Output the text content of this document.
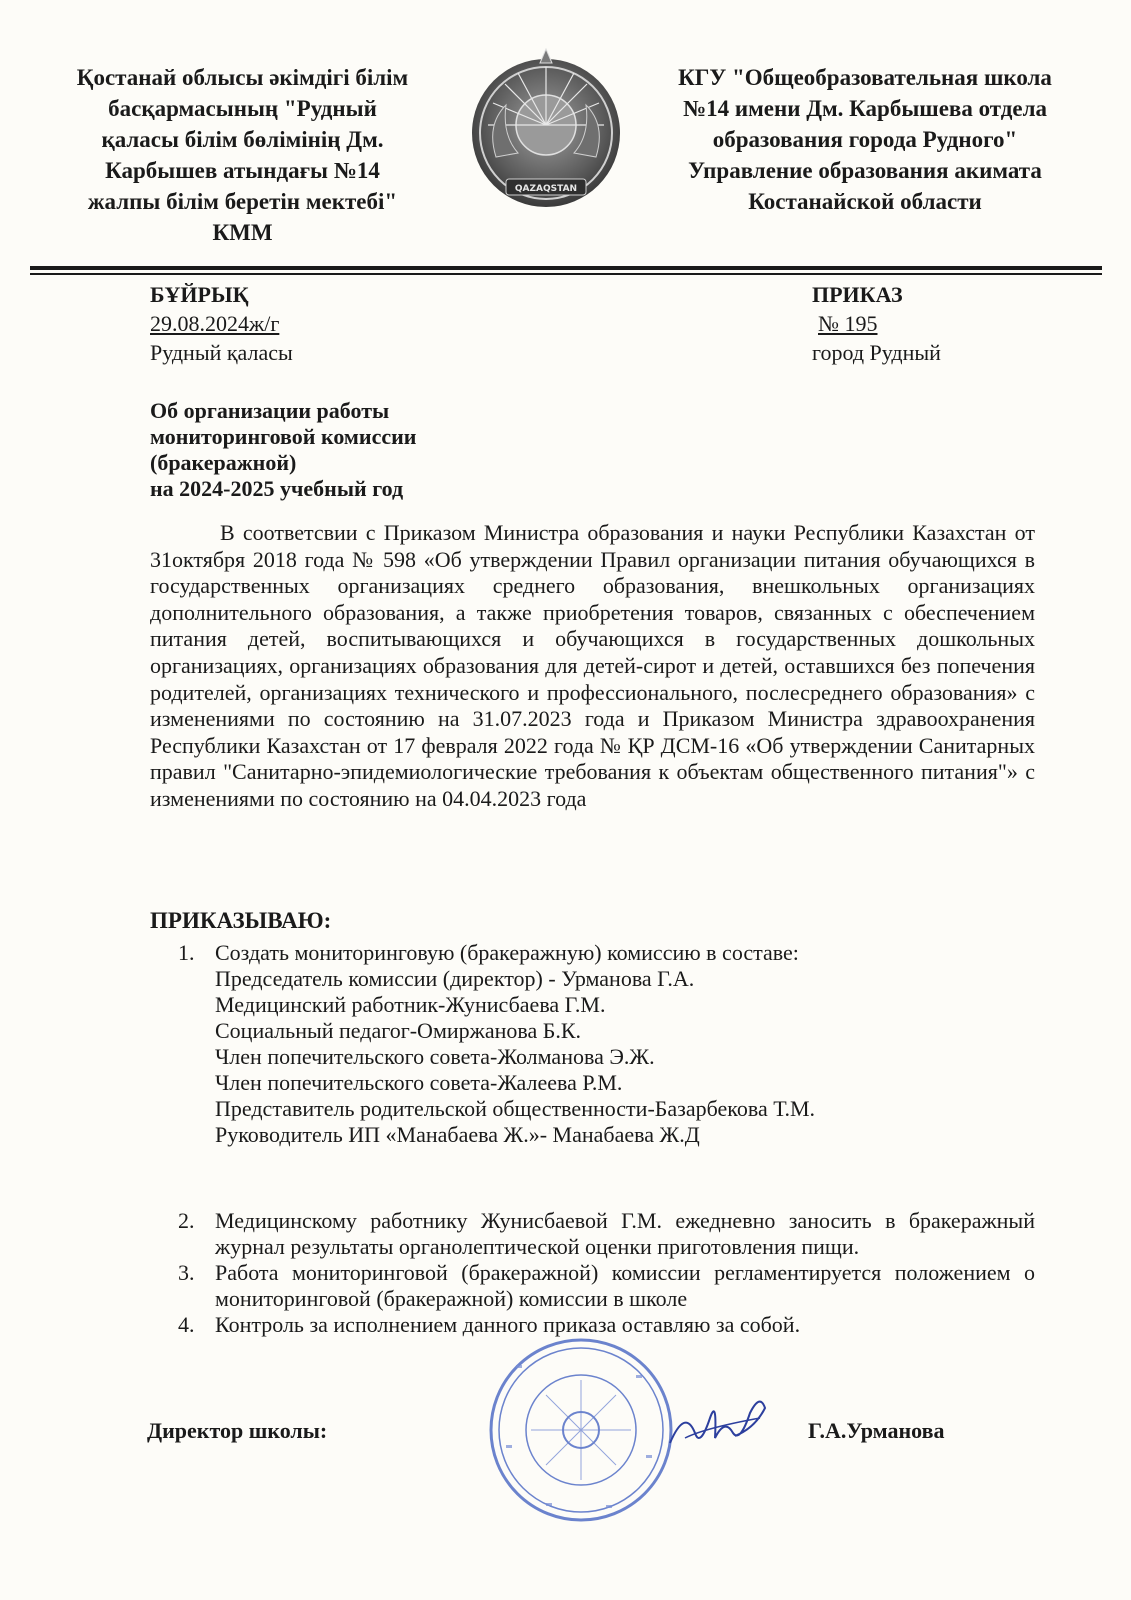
Қостанай облысы әкімдігі білім
басқармасының "Рудный
қаласы білім бөлімінің Дм.
Карбышев атындағы №14
жалпы білім беретін мектебі"
КММ
QAZAQSTAN
КГУ "Общеобразовательная школа
№14 имени Дм. Карбышева отдела
образования города Рудного"
Управление образования акимата
Костанайской области
БҰЙРЫҚ
29.08.2024ж/г
Рудный қаласы
ПРИКАЗ
№ 195
город Рудный
Об организации работы
мониторинговой комиссии
(бракеражной)
на 2024-2025 учебный год
В соответсвии с Приказом Министра образования и науки Республики Казахстан от 31октября 2018 года № 598 «Об утверждении Правил организации питания обучающихся в государственных организациях среднего образования, внешкольных организациях дополнительного образования, а также приобретения товаров, связанных с обеспечением питания детей, воспитывающихся и обучающихся в государственных дошкольных организациях, организациях образования для детей-сирот и детей, оставшихся без попечения родителей, организациях технического и профессионального, послесреднего образования» с изменениями по состоянию на 31.07.2023 года и Приказом Министра здравоохранения Республики Казахстан от 17 февраля 2022 года № ҚР ДСМ-16 «Об утверждении Санитарных правил "Санитарно-эпидемиологические требования к объектам общественного питания"» с изменениями по состоянию на 04.04.2023 года
ПРИКАЗЫВАЮ:
1. Создать мониторинговую (бракеражную) комиссию в составе:
Председатель комиссии (директор) - Урманова Г.А.
Медицинский работник-Жунисбаева Г.М.
Социальный педагог-Омиржанова Б.К.
Член попечительского совета-Жолманова Э.Ж.
Член попечительского совета-Жалеева Р.М.
Представитель родительской общественности-Базарбекова Т.М.
Руководитель ИП «Манабаева Ж.»- Манабаева Ж.Д
2. Медицинскому работнику Жунисбаевой Г.М. ежедневно заносить в бракеражный журнал результаты органолептической оценки приготовления пищи.
3. Работа мониторинговой (бракеражной) комиссии регламентируется положением о мониторинговой (бракеражной) комиссии в школе
4. Контроль за исполнением данного приказа оставляю за собой.
Директор школы:	Г.А.Урманова
